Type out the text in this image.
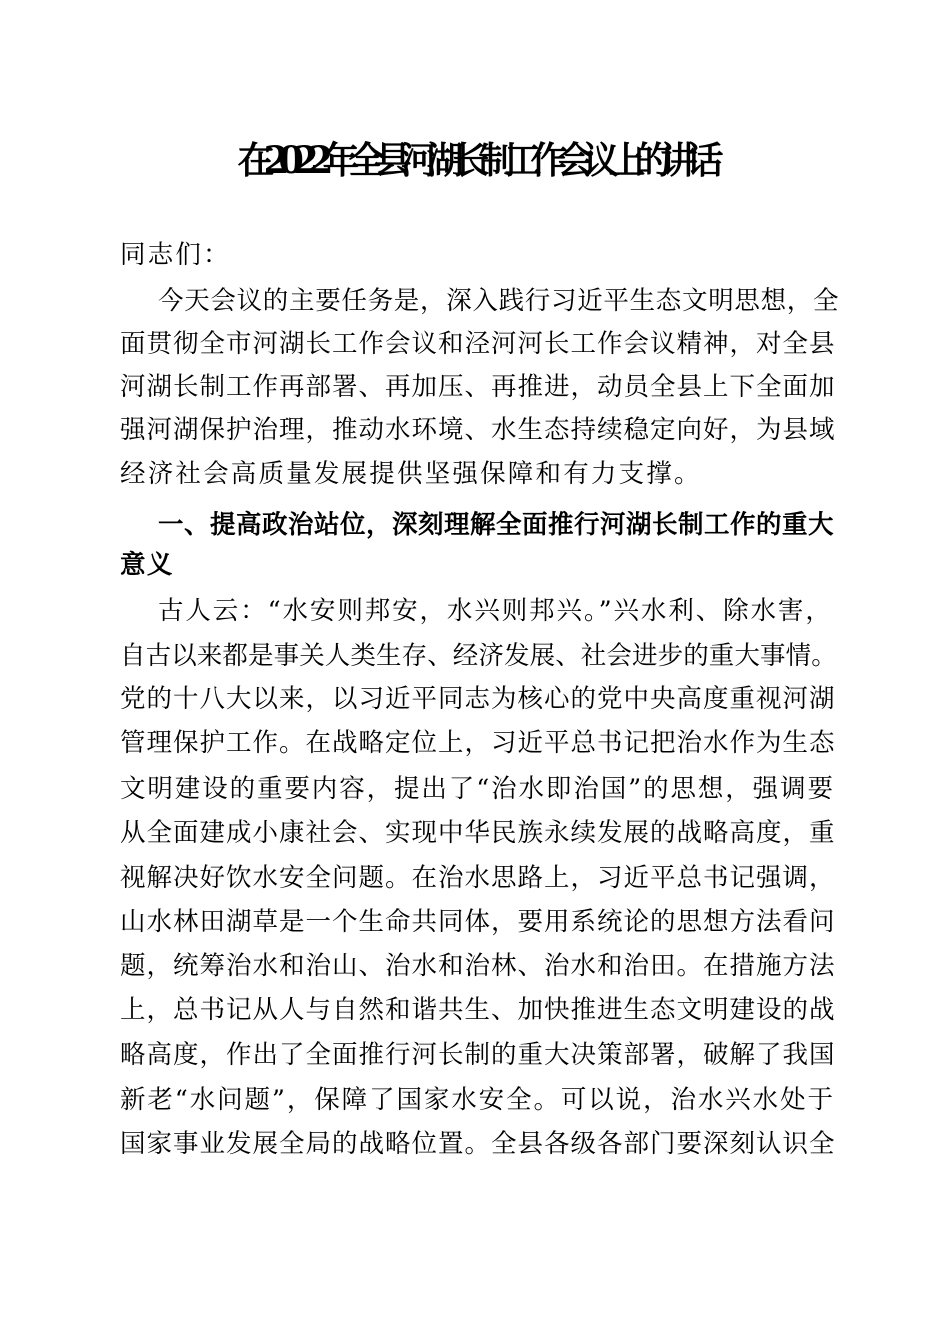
在2022年全县河湖长制工作会议上的讲话
同志们：
今天会议的主要任务是，深入践行习近平生态文明思想，全
面贯彻全市河湖长工作会议和泾河河长工作会议精神，对全县
河湖长制工作再部署、再加压、再推进，动员全县上下全面加
强河湖保护治理，推动水环境、水生态持续稳定向好，为县域
经济社会高质量发展提供坚强保障和有力支撑。
一、提高政治站位，深刻理解全面推行河湖长制工作的重大
意义
古人云：“水安则邦安，水兴则邦兴。”兴水利、除水害，
自古以来都是事关人类生存、经济发展、社会进步的重大事情。
党的十八大以来，以习近平同志为核心的党中央高度重视河湖
管理保护工作。在战略定位上，习近平总书记把治水作为生态
文明建设的重要内容，提出了“治水即治国”的思想，强调要
从全面建成小康社会、实现中华民族永续发展的战略高度，重
视解决好饮水安全问题。在治水思路上，习近平总书记强调，
山水林田湖草是一个生命共同体，要用系统论的思想方法看问
题，统筹治水和治山、治水和治林、治水和治田。在措施方法
上，总书记从人与自然和谐共生、加快推进生态文明建设的战
略高度，作出了全面推行河长制的重大决策部署，破解了我国
新老“水问题”，保障了国家水安全。可以说，治水兴水处于
国家事业发展全局的战略位置。全县各级各部门要深刻认识全
